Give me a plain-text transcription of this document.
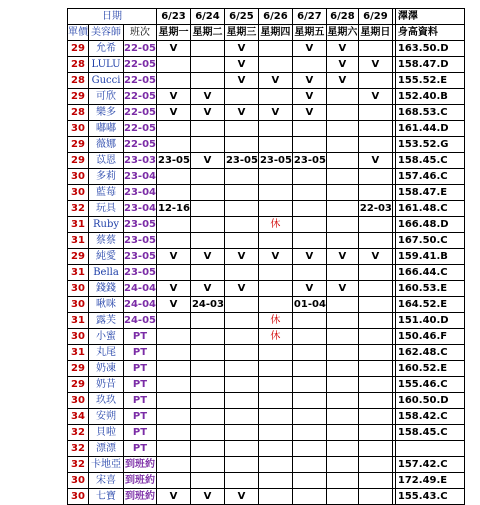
日期			6/23	6/24	6/25	6/26	6/27	6/28	6/29		澤澤
單價	美容師	班次	星期一	星期二	星期三	星期四	星期五	星期六	星期日		身高資料
29	允希	22-05	V		V		V	V			163.50.D
28	LULU	22-05			V			V	V		158.47.D
28	Gucci	22-05			V	V	V	V			155.52.E
29	可欣	22-05	V	V			V		V		152.40.B
28	樂多	22-05	V	V	V	V	V				168.53.C
30	嘟嘟	22-05									161.44.D
29	薇娜	22-05									153.52.G
29	苡恩	23-03	23-05	V	23-05	23-05	23-05		V		158.45.C
30	多莉	23-04									157.46.C
30	藍莓	23-04									158.47.E
32	玩具	23-04	12-16						22-03		161.48.C
31	Ruby	23-05				休					166.48.D
31	蔡蔡	23-05									167.50.C
29	純愛	23-05	V	V	V	V	V	V	V		159.41.B
31	Bella	23-05									166.44.C
30	錢錢	24-04	V	V	V		V	V			160.53.E
30	啾咪	24-04	V	24-03			01-04				164.52.E
31	露芙	24-05				休					151.40.D
30	小蜜	PT				休					150.46.F
31	丸尾	PT									162.48.C
29	奶凍	PT									160.52.E
29	奶昔	PT									155.46.C
30	玖玖	PT									160.50.D
34	安朔	PT									158.42.C
32	貝啦	PT									158.45.C
32	漂漂	PT									
32	卡地亞	到班約									157.42.C
30	宋喜	到班約									172.49.E
30	七寶	到班約	V	V	V						155.43.C
